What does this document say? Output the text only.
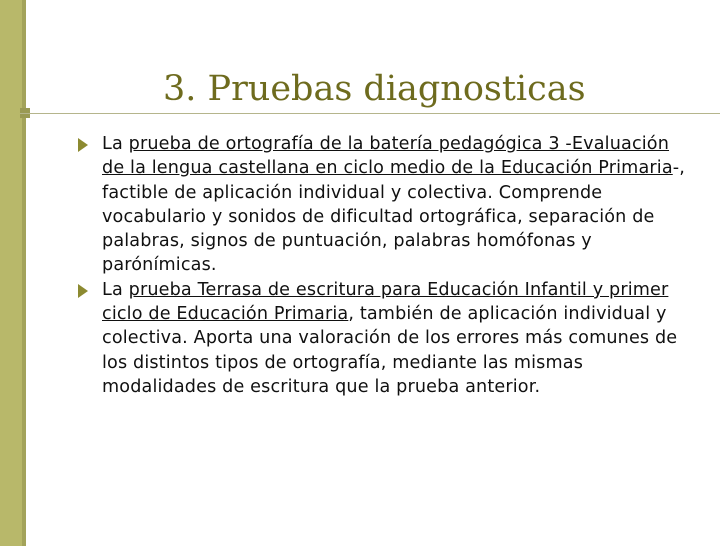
3. Pruebas diagnosticas
La prueba de ortografía de la batería pedagógica 3 -Evaluación de la lengua castellana en ciclo medio de la Educación Primaria-, factible de aplicación individual y colectiva. Comprende vocabulario y sonidos de dificultad ortográfica, separación de palabras, signos de puntuación, palabras homófonas y parónímicas.
La prueba Terrasa de escritura para Educación Infantil y primer ciclo de Educación Primaria, también de aplicación individual y colectiva. Aporta una valoración de los errores más comunes de los distintos tipos de ortografía, mediante las mismas modalidades de escritura que la prueba anterior.
